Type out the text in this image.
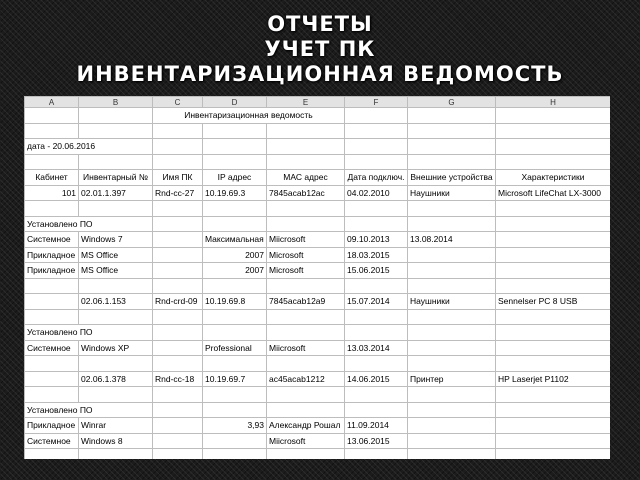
ОТЧЕТЫ
УЧЕТ ПК
ИНВЕНТАРИЗАЦИОННАЯ ВЕДОМОСТЬ
A	B	C	D	E	F	G	H
		Инвентаризационная ведомость					

дата - 20.06.2016							

Кабинет	Инвентарный №	Имя ПК	IP адрес	МАС адрес	Дата подключ.	Внешние устройства	Характеристики
101	02.01.1.397	Rnd-cc-27	10.19.69.3	7845acab12ac	04.02.2010	Наушники	Microsoft LifeChat LX-3000

Установлено ПО							
Системное	Windows 7		Максимальная	Miicrosoft	09.10.2013	13.08.2014	
Прикладное	MS Office		2007	Microsoft	18.03.2015		
Прикладное	MS Office		2007	Microsoft	15.06.2015		

	02.06.1.153	Rnd-crd-09	10.19.69.8	7845acab12a9	15.07.2014	Наушники	Sennelser PC 8 USB

Установлено ПО							
Системное	Windows XP		Professional	Miicrosoft	13.03.2014		

	02.06.1.378	Rnd-cc-18	10.19.69.7	ac45acab1212	14.06.2015	Принтер	HP Laserjet P1102

Установлено ПО							
Прикладное	Winrar		3,93	Александр Рошал	11.09.2014		
Системное	Windows 8			Miicrosoft	13.06.2015		
